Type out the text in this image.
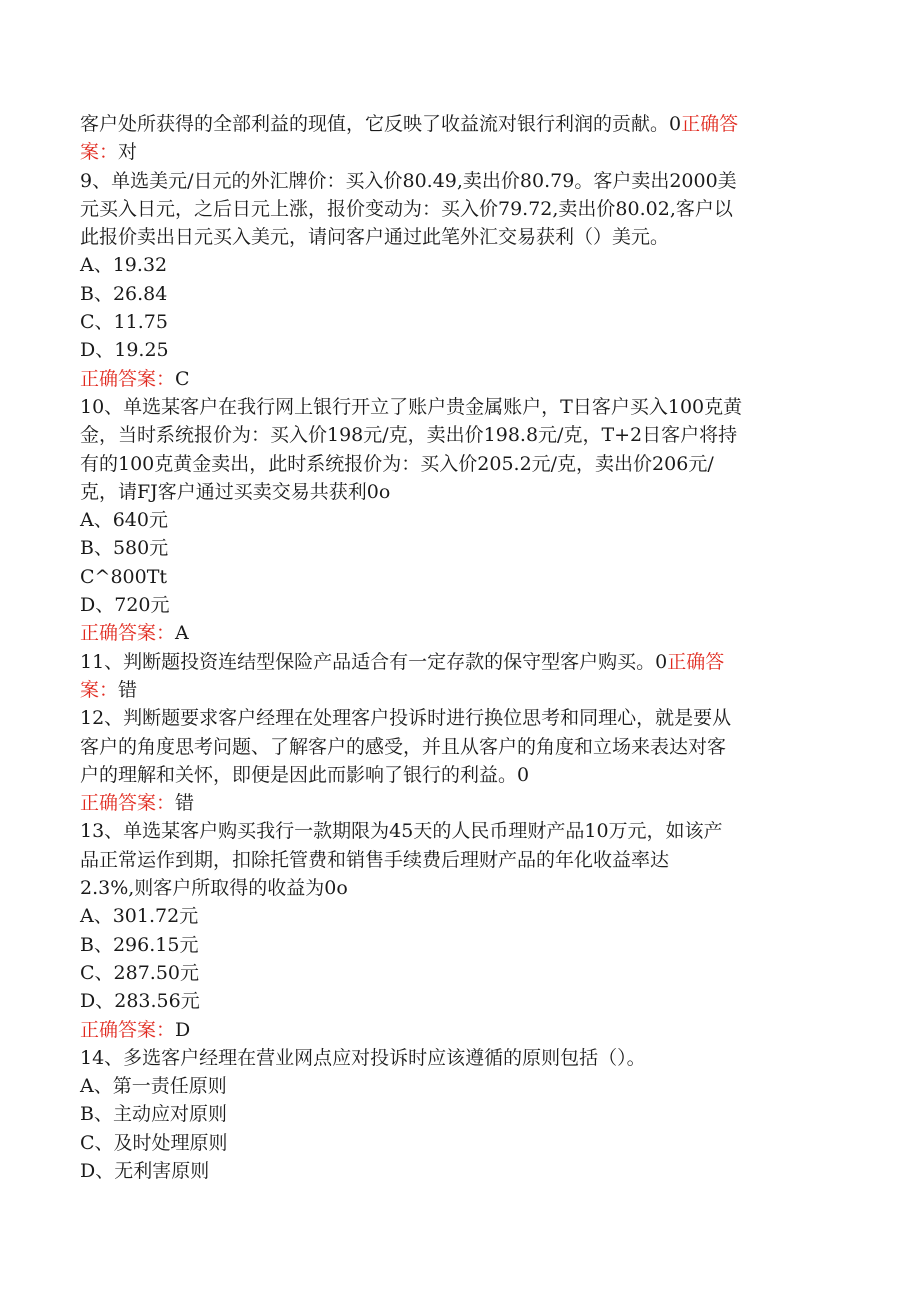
客户处所获得的全部利益的现值，它反映了收益流对银行利润的贡献。0正确答
案：对
9、单选美元/日元的外汇牌价：买入价80.49,卖出价80.79。客户卖出2000美
元买入日元，之后日元上涨，报价变动为：买入价79.72,卖出价80.02,客户以
此报价卖出日元买入美元，请问客户通过此笔外汇交易获利（）美元。
A、19.32
B、26.84
C、11.75
D、19.25
正确答案：C
10、单选某客户在我行网上银行开立了账户贵金属账户，T日客户买入100克黄
金，当时系统报价为：买入价198元/克，卖出价198.8元/克，T+2日客户将持
有的100克黄金卖出，此时系统报价为：买入价205.2元/克，卖出价206元/
克，请FJ客户通过买卖交易共获利0o
A、640元
B、580元
C^800Tt
D、720元
正确答案：A
11、判断题投资连结型保险产品适合有一定存款的保守型客户购买。0正确答
案：错
12、判断题要求客户经理在处理客户投诉时进行换位思考和同理心，就是要从
客户的角度思考问题、了解客户的感受，并且从客户的角度和立场来表达对客
户的理解和关怀，即便是因此而影响了银行的利益。0
正确答案：错
13、单选某客户购买我行一款期限为45天的人民币理财产品10万元，如该产
品正常运作到期，扣除托管费和销售手续费后理财产品的年化收益率达
2.3%,则客户所取得的收益为0o
A、301.72元
B、296.15元
C、287.50元
D、283.56元
正确答案：D
14、多选客户经理在营业网点应对投诉时应该遵循的原则包括（）。
A、第一责任原则
B、主动应对原则
C、及时处理原则
D、无利害原则
